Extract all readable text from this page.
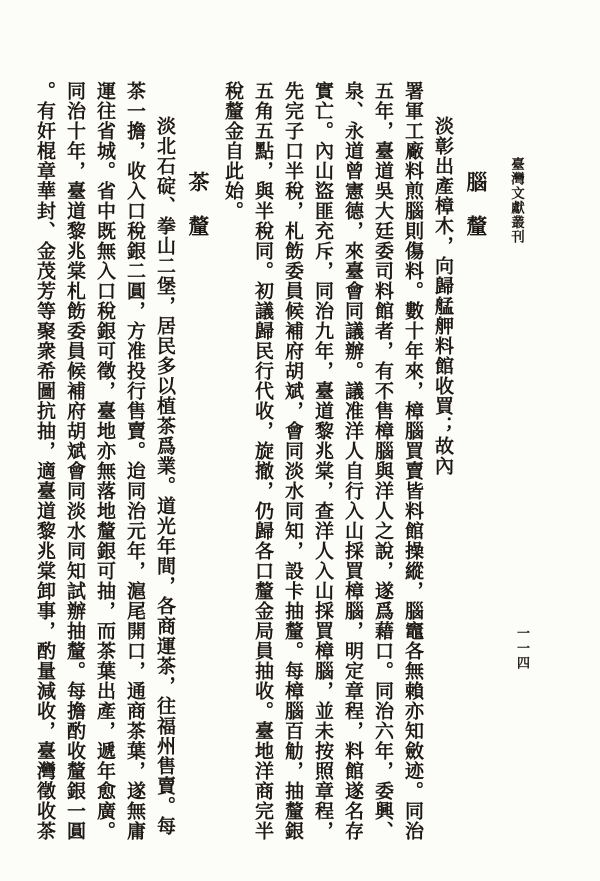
臺灣文獻叢刊
一一四
腦　釐
淡彰出產樟木，向歸艋舺料館收買；故內
署軍工廠料煎腦則傷料。數十年來，樟腦買賣皆料館操縱，腦竈各無賴亦知斂迹。同治
五年，臺道吳大廷委司料館者，有不售樟腦與洋人之說，遂爲藉口。同治六年，委興、
泉、永道曾憲德，來臺會同議辦。議准洋人自行入山採買樟腦，明定章程，料館遂名存
實亡。內山盜匪充斥，同治九年，臺道黎兆棠，查洋人入山採買樟腦，並未按照章程，
先完子口半稅，札飭委員候補府胡斌，會同淡水同知，設卡抽釐。每樟腦百觔，抽釐銀
五角五點，與半稅同。初議歸民行代收，旋撤，仍歸各口釐金局員抽收。臺地洋商完半
稅釐金自此始。
茶　釐
淡北石碇、拳山二堡，居民多以植茶爲業。道光年間，各商運茶，往福州售賣。每
茶一擔，收入口稅銀二圓，方准投行售賣。迨同治元年，滬尾開口，通商茶葉，遂無庸
運往省城。省中既無入口稅銀可徵，臺地亦無落地釐銀可抽，而茶葉出產，遞年愈廣。
同治十年，臺道黎兆棠札飭委員候補府胡斌會同淡水同知試辦抽釐。每擔酌收釐銀一圓
。有奸棍章華封、金茂芳等聚衆希圖抗抽，適臺道黎兆棠卸事，酌量減收，臺灣徵收茶
